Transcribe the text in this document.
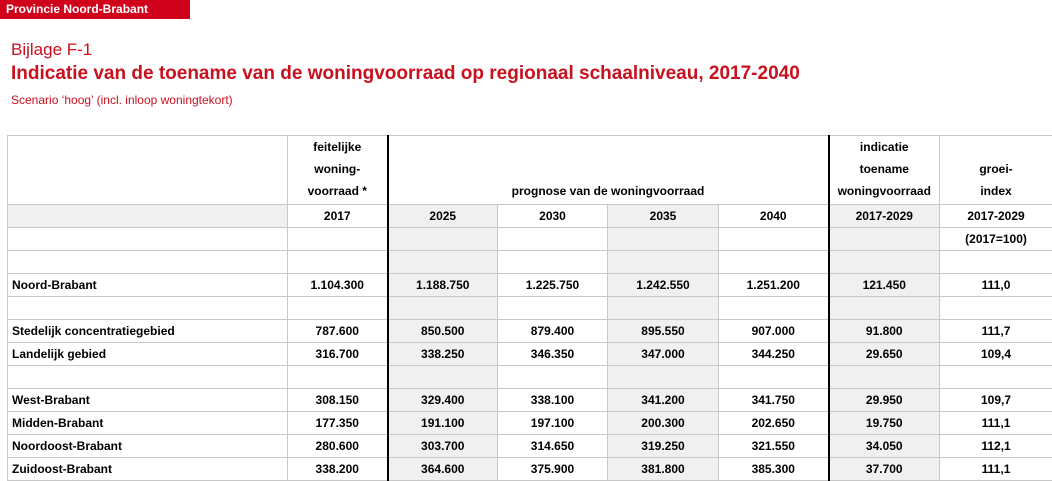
Provincie Noord-Brabant
Bijlage F-1
Indicatie van de toename van de woningvoorraad op regionaal schaalniveau, 2017-2040
Scenario ‘hoog’ (incl. inloop woningtekort)

	feitelijke
woning-
voorraad *	prognose van de woningvoorraad				indicatie
toename
woningvoorraad	groei-
index

	2017	2025	2030	2035	2040	2017-2029	2017-2029
							(2017=100)

Noord-Brabant	1.104.300	1.188.750	1.225.750	1.242.550	1.251.200	121.450	111,0

Stedelijk concentratiegebied	787.600	850.500	879.400	895.550	907.000	91.800	111,7
Landelijk gebied	316.700	338.250	346.350	347.000	344.250	29.650	109,4

West-Brabant	308.150	329.400	338.100	341.200	341.750	29.950	109,7
Midden-Brabant	177.350	191.100	197.100	200.300	202.650	19.750	111,1
Noordoost-Brabant	280.600	303.700	314.650	319.250	321.550	34.050	112,1
Zuidoost-Brabant	338.200	364.600	375.900	381.800	385.300	37.700	111,1
